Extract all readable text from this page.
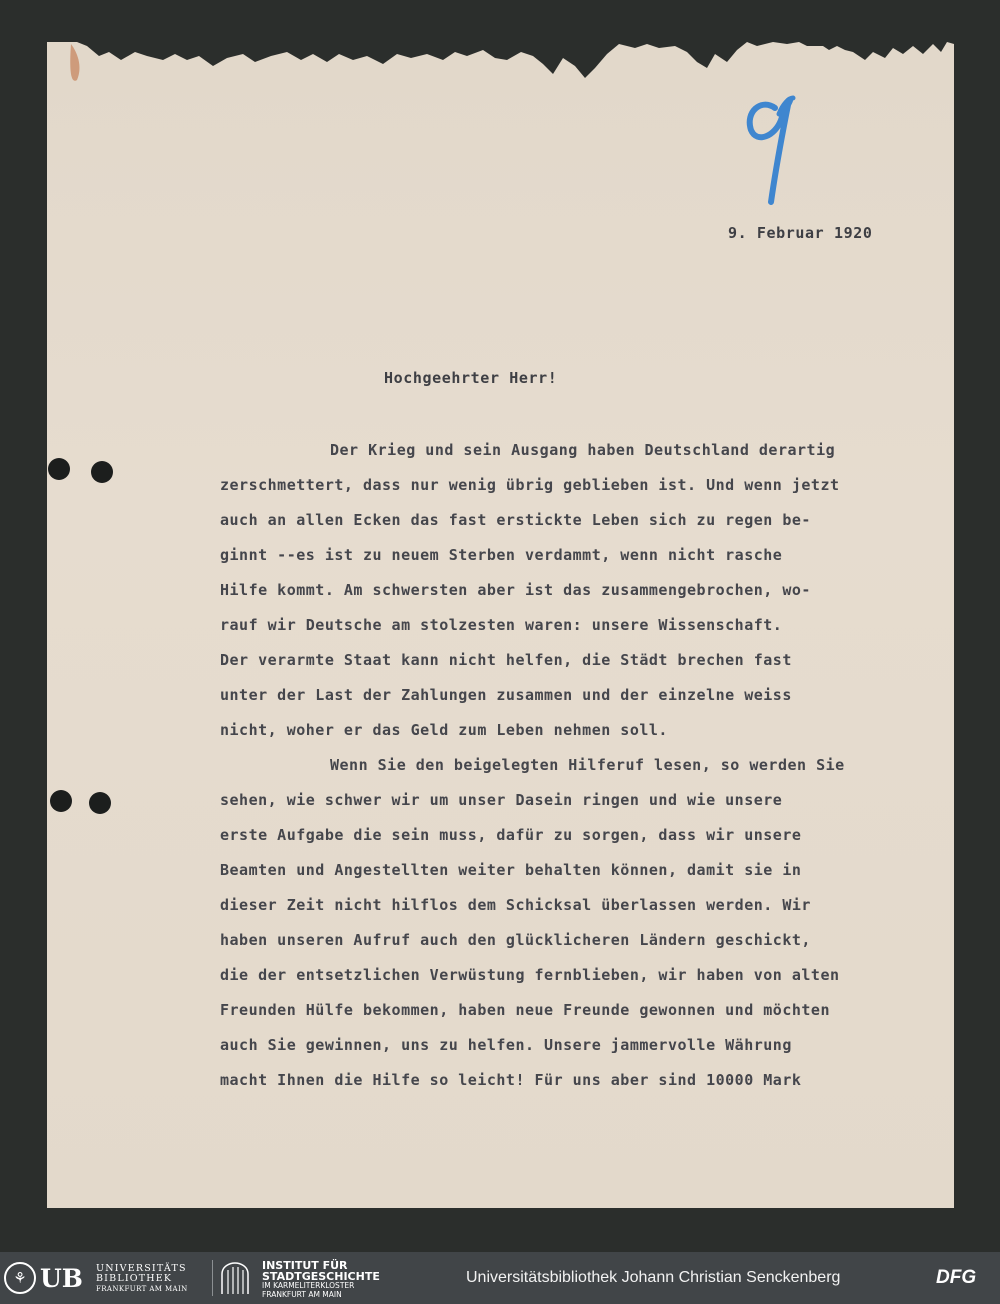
9. Februar 1920
Hochgeehrter Herr!
Der Krieg und sein Ausgang haben Deutschland derartig
zerschmettert, dass nur wenig übrig geblieben ist. Und wenn jetzt
auch an allen Ecken das fast erstickte Leben sich zu regen be-
ginnt --es ist zu neuem Sterben verdammt, wenn nicht rasche
Hilfe kommt. Am schwersten aber ist das zusammengebrochen, wo-
rauf wir Deutsche am stolzesten waren: unsere Wissenschaft.
Der verarmte Staat kann nicht helfen, die Städt brechen fast
unter der Last der Zahlungen zusammen und der einzelne weiss
nicht, woher er das Geld zum Leben nehmen soll.
Wenn Sie den beigelegten Hilferuf lesen, so werden Sie
sehen, wie schwer wir um unser Dasein ringen und wie unsere
erste Aufgabe die sein muss, dafür zu sorgen, dass wir unsere
Beamten und Angestellten weiter behalten können, damit sie in
dieser Zeit nicht hilflos dem Schicksal überlassen werden. Wir
haben unseren Aufruf auch den glücklicheren Ländern geschickt,
die der entsetzlichen Verwüstung fernblieben, wir haben von alten
Freunden Hülfe bekommen, haben neue Freunde gewonnen und möchten
auch Sie gewinnen, uns zu helfen. Unsere jammervolle Währung
macht Ihnen die Hilfe so leicht! Für uns aber sind 10000 Mark
⚘ UB UNIVERSITÄTS
BIBLIOTHEK
FRANKFURT AM MAIN
INSTITUT FÜR
STADTGESCHICHTE
IM KARMELITERKLOSTER
FRANKFURT AM MAIN
Universitätsbibliothek Johann Christian Senckenberg	DFG
